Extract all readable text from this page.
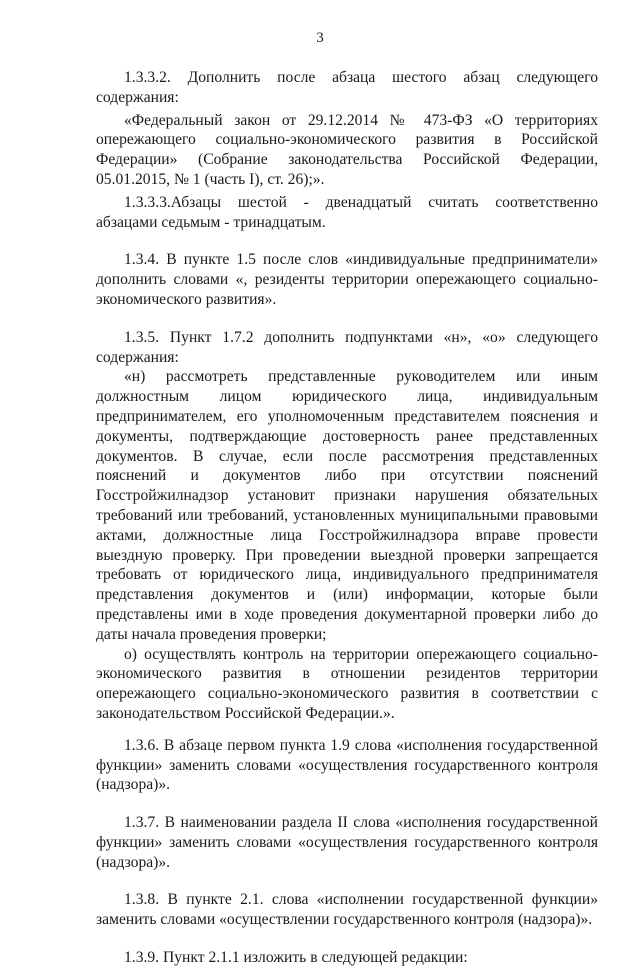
3

1.3.3.2. Дополнить после абзаца шестого абзац следующего содержания:

«Федеральный закон от 29.12.2014 № 473-ФЗ «О территориях опережающего социально-экономического развития в Российской Федерации» (Собрание законодательства Российской Федерации, 05.01.2015, № 1 (часть I), ст. 26);».

1.3.3.3.Абзацы шестой - двенадцатый считать соответственно абзацами седьмым - тринадцатым.

1.3.4. В пункте 1.5 после слов «индивидуальные предприниматели» дополнить словами «, резиденты территории опережающего социально-экономического развития».

1.3.5. Пункт 1.7.2 дополнить подпунктами «н», «о» следующего содержания:

«н) рассмотреть представленные руководителем или иным должностным лицом юридического лица, индивидуальным предпринимателем, его уполномоченным представителем пояснения и документы, подтверждающие достоверность ранее представленных документов. В случае, если после рассмотрения представленных пояснений и документов либо при отсутствии пояснений Госстройжилнадзор установит признаки нарушения обязательных требований или требований, установленных муниципальными правовыми актами, должностные лица Госстройжилнадзора вправе провести выездную проверку. При проведении выездной проверки запрещается требовать от юридического лица, индивидуального предпринимателя представления документов и (или) информации, которые были представлены ими в ходе проведения документарной проверки либо до даты начала проведения проверки;

о) осуществлять контроль на территории опережающего социально-экономического развития в отношении резидентов территории опережающего социально-экономического развития в соответствии с законодательством Российской Федерации.».

1.3.6. В абзаце первом пункта 1.9 слова «исполнения государственной функции» заменить словами «осуществления государственного контроля (надзора)».

1.3.7. В наименовании раздела II слова «исполнения государственной функции» заменить словами «осуществления государственного контроля (надзора)».

1.3.8. В пункте 2.1. слова «исполнении государственной функции» заменить словами «осуществлении государственного контроля (надзора)».

1.3.9. Пункт 2.1.1 изложить в следующей редакции:
